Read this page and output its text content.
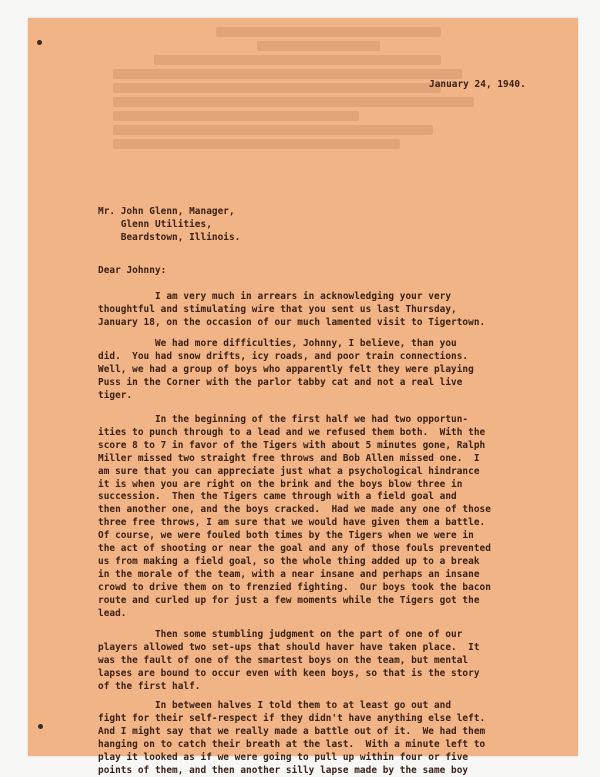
January 24, 1940.
Mr. John Glenn, Manager,
Glenn Utilities,
Beardstown, Illinois.
Dear Johnny:
I am very much in arrears in acknowledging your very
thoughtful and stimulating wire that you sent us last Thursday,
January 18, on the occasion of our much lamented visit to Tigertown.
We had more difficulties, Johnny, I believe, than you
did.  You had snow drifts, icy roads, and poor train connections.
Well, we had a group of boys who apparently felt they were playing
Puss in the Corner with the parlor tabby cat and not a real live
tiger.
In the beginning of the first half we had two opportun-
ities to punch through to a lead and we refused them both.  With the
score 8 to 7 in favor of the Tigers with about 5 minutes gone, Ralph
Miller missed two straight free throws and Bob Allen missed one.  I
am sure that you can appreciate just what a psychological hindrance
it is when you are right on the brink and the boys blow three in
succession.  Then the Tigers came through with a field goal and
then another one, and the boys cracked.  Had we made any one of those
three free throws, I am sure that we would have given them a battle.
Of course, we were fouled both times by the Tigers when we were in
the act of shooting or near the goal and any of those fouls prevented
us from making a field goal, so the whole thing added up to a break
in the morale of the team, with a near insane and perhaps an insane
crowd to drive them on to frenzied fighting.  Our boys took the bacon
route and curled up for just a few moments while the Tigers got the
lead.
Then some stumbling judgment on the part of one of our
players allowed two set-ups that should haver have taken place.  It
was the fault of one of the smartest boys on the team, but mental
lapses are bound to occur even with keen boys, so that is the story
of the first half.
In between halves I told them to at least go out and
fight for their self-respect if they didn't have anything else left.
And I might say that we really made a battle out of it.  We had them
hanging on to catch their breath at the last.  With a minute left to
play it looked as if we were going to pull up within four or five
points of them, and then another silly lapse made by the same boy
